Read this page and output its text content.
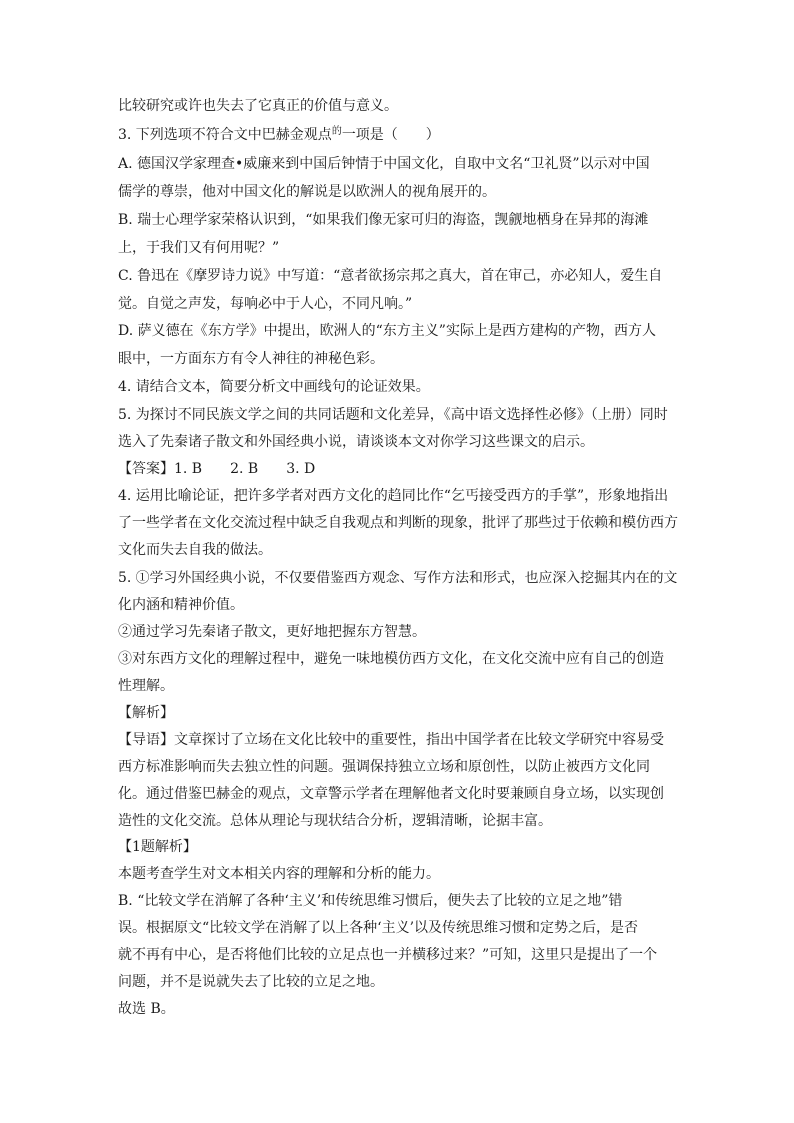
比较研究或许也失去了它真正的价值与意义。
3. 下列选项不符合文中巴赫金观点$^的$一项是（　　）
A. 德国汉学家理查•威廉来到中国后钟情于中国文化，自取中文名“卫礼贤”以示对中国
儒学的尊崇，他对中国文化的解说是以欧洲人的视角展开的。
B. 瑞士心理学家荣格认识到，“如果我们像无家可归的海盗，觊觎地栖身在异邦的海滩
上，于我们又有何用呢？”
C. 鲁迅在《摩罗诗力说》中写道：“意者欲扬宗邦之真大，首在审己，亦必知人，爱生自
觉。自觉之声发，每响必中于人心，不同凡响。”
D. 萨义德在《东方学》中提出，欧洲人的“东方主义”实际上是西方建构的产物，西方人
眼中，一方面东方有令人神往的神秘色彩。
4. 请结合文本，简要分析文中画线句的论证效果。
5. 为探讨不同民族文学之间的共同话题和文化差异，《高中语文选择性必修》（上册）同时
选入了先秦诸子散文和外国经典小说，请谈谈本文对你学习这些课文的启示。
【答案】1. B　　2. B　　3. D
4. 运用比喻论证，把许多学者对西方文化的趋同比作“乞丐接受西方的手掌”，形象地指出
了一些学者在文化交流过程中缺乏自我观点和判断的现象，批评了那些过于依赖和模仿西方
文化而失去自我的做法。
5. ①学习外国经典小说，不仅要借鉴西方观念、写作方法和形式，也应深入挖掘其内在的文
化内涵和精神价值。
②通过学习先秦诸子散文，更好地把握东方智慧。
③对东西方文化的理解过程中，避免一味地模仿西方文化，在文化交流中应有自己的创造
性理解。
【解析】
【导语】文章探讨了立场在文化比较中的重要性，指出中国学者在比较文学研究中容易受
西方标准影响而失去独立性的问题。强调保持独立立场和原创性，以防止被西方文化同
化。通过借鉴巴赫金的观点，文章警示学者在理解他者文化时要兼顾自身立场，以实现创
造性的文化交流。总体从理论与现状结合分析，逻辑清晰，论据丰富。
【1题解析】
本题考查学生对文本相关内容的理解和分析的能力。
B. “比较文学在消解了各种‘主义’和传统思维习惯后，便失去了比较的立足之地”错
误。根据原文“比较文学在消解了以上各种‘主义’以及传统思维习惯和定势之后，是否
就不再有中心，是否将他们比较的立足点也一并横移过来？”可知，这里只是提出了一个
问题，并不是说就失去了比较的立足之地。
故选 B。
